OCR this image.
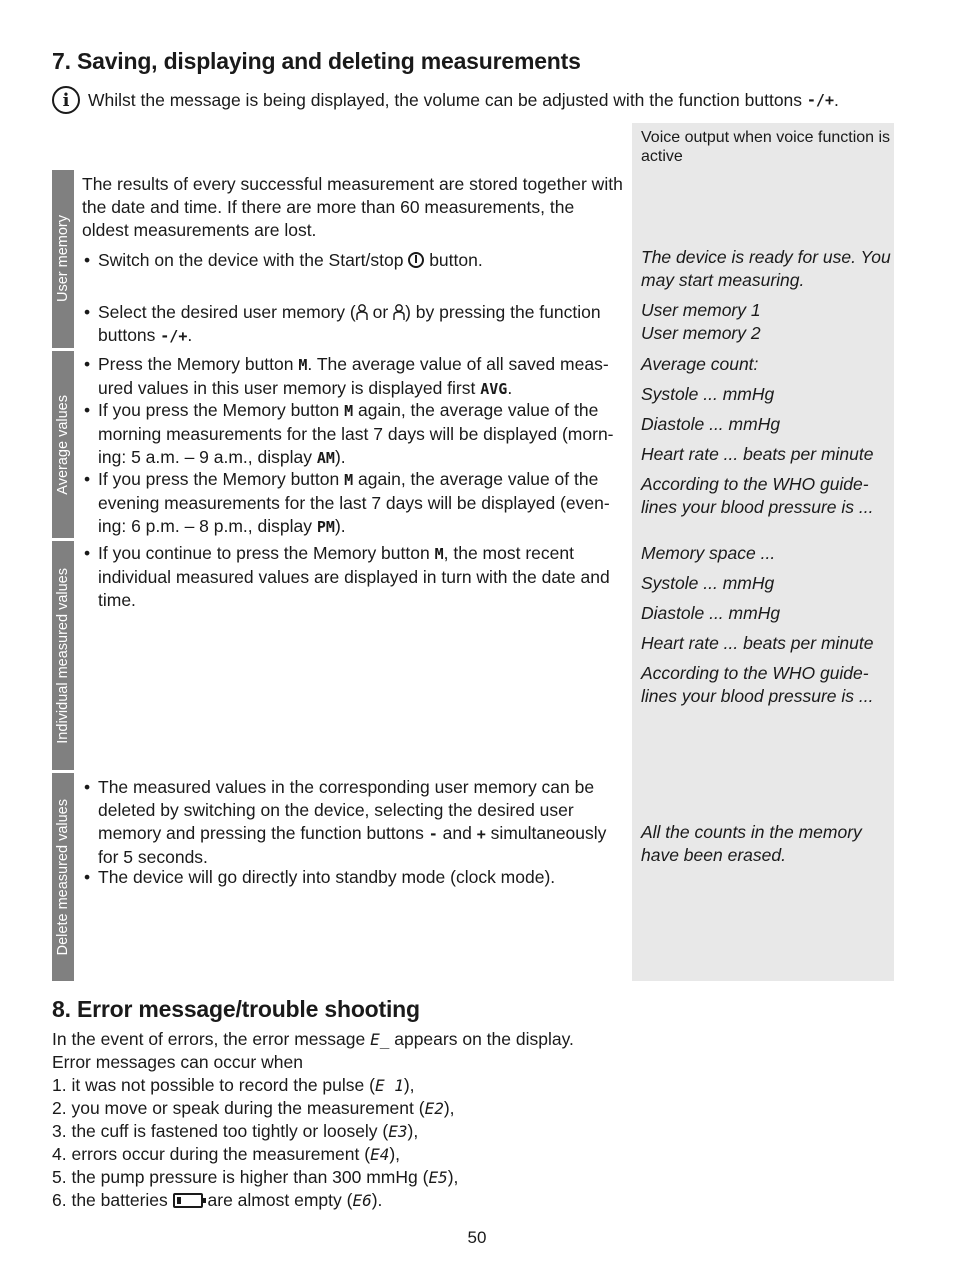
7. Saving, displaying and deleting measurements
i	Whilst the message is being displayed, the volume can be adjusted with the function buttons
-/+ .
Voice output when voice function is active
User memory
Average values
Individual measured values
Delete measured values
The results of every successful measurement are stored together with the date and time. If there are more than 60 measurements, the oldest measurements are lost.
• Switch on the device with the Start/stop button.	The device is ready for use. You may start measuring.
• Select the desired user memory ( or ) by pressing the function buttons -/+.
User memory 1
User memory 2
• Press the Memory button M. The average value of all saved meas-ured values in this user memory is displayed first AVG.
• If you press the Memory button M again, the average value of the morning measurements for the last 7 days will be displayed (morn-ing: 5 a.m. – 9 a.m., display AM).
• If you press the Memory button M again, the average value of the evening measurements for the last 7 days will be displayed (even-ing: 6 p.m. – 8 p.m., display PM).
Average count:
Systole ... mmHg
Diastole ... mmHg
Heart rate ... beats per minute
According to the WHO guide-lines your blood pressure is ...
• If you continue to press the Memory button M, the most recent individual measured values are displayed in turn with the date and time.
Memory space ...
Systole ... mmHg
Diastole ... mmHg
Heart rate ... beats per minute
According to the WHO guide-lines your blood pressure is ...
• The measured values in the corresponding user memory can be deleted by switching on the device, selecting the desired user memory and pressing the function buttons - and + simultaneously for 5 seconds.
• The device will go directly into standby mode (clock mode).
All the counts in the memory have been erased.
8. Error message/trouble shooting
In the event of errors, the error message E_ appears on the display.
Error messages can occur when
1. it was not possible to record the pulse (E 1),
2. you move or speak during the measurement (E2),
3. the cuff is fastened too tightly or loosely (E3),
4. errors occur during the measurement (E4),
5. the pump pressure is higher than 300 mmHg (E5),
6. the batteries are almost empty (E6).
50
